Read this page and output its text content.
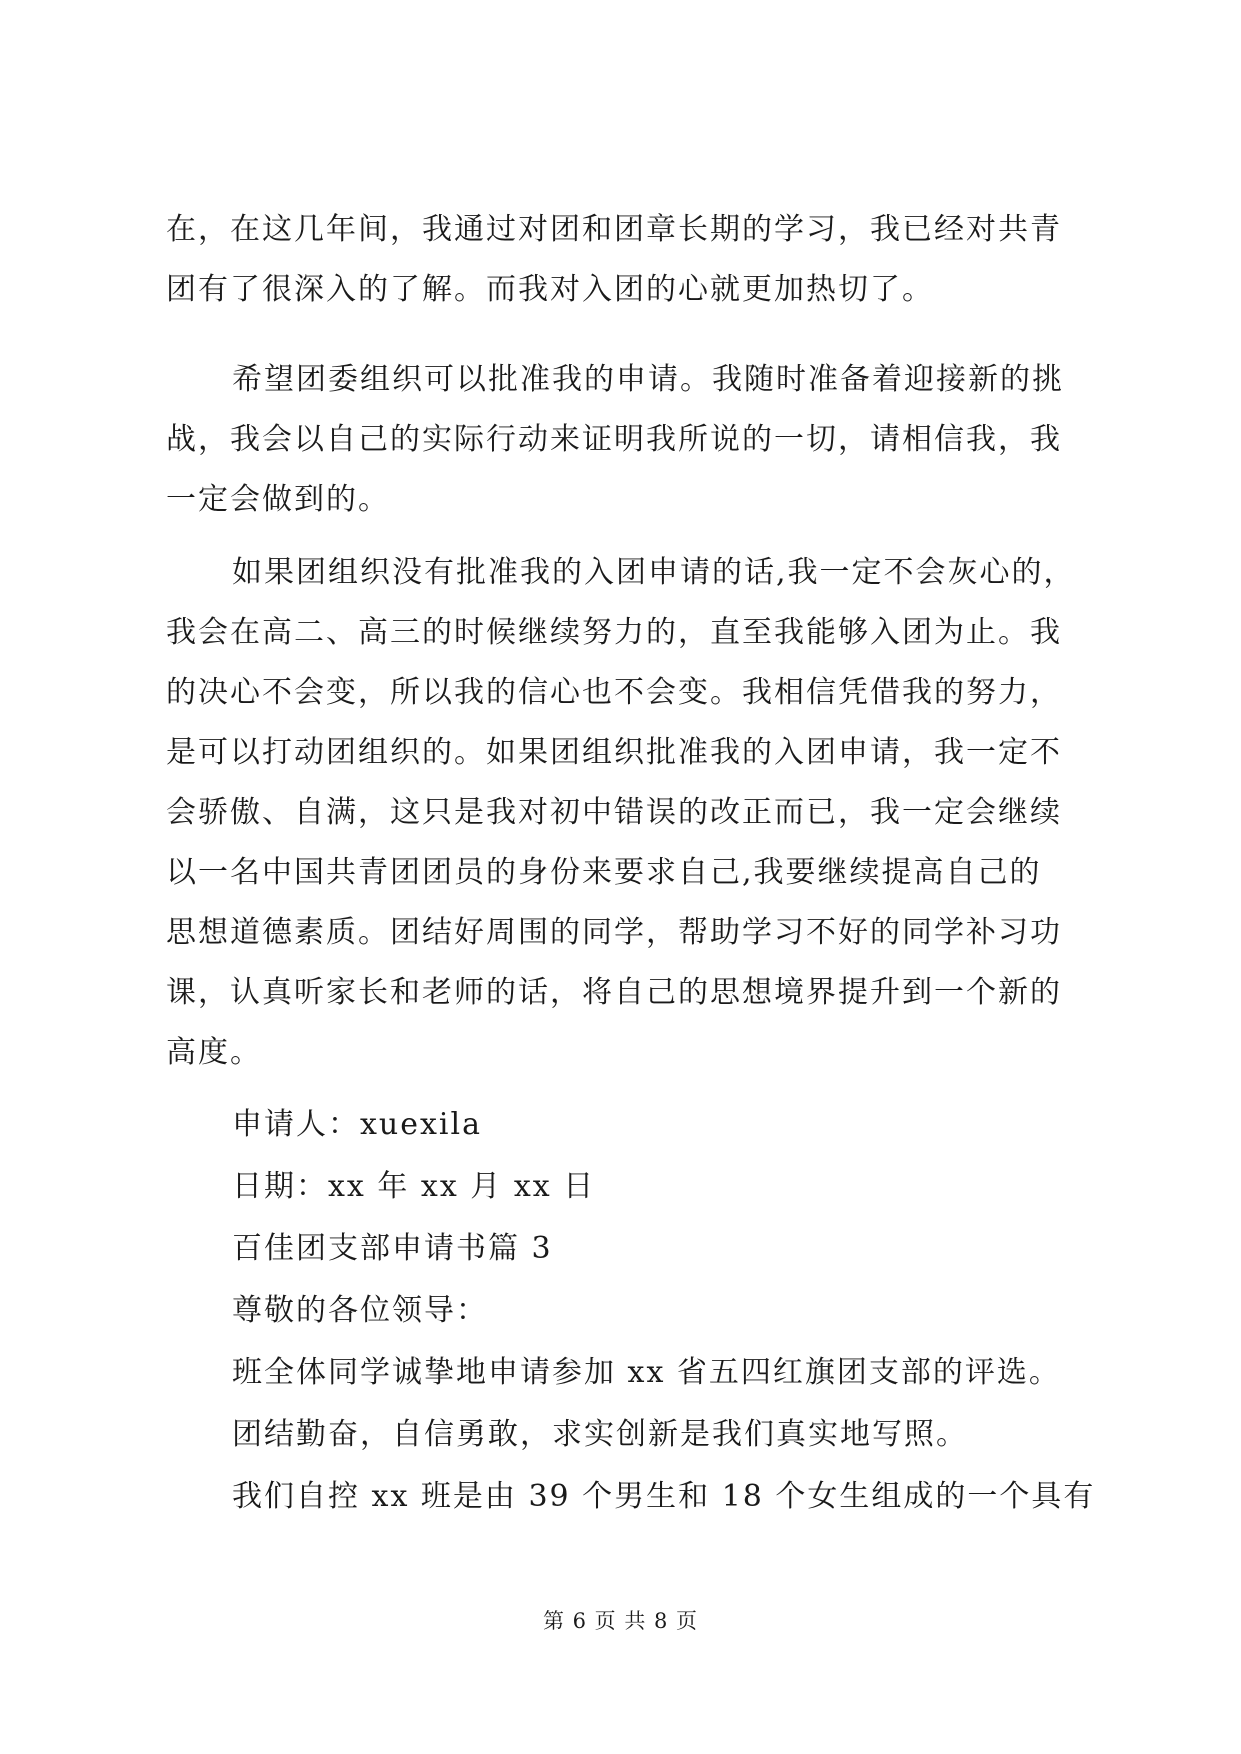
在，在这几年间，我通过对团和团章长期的学习，我已经对共青
团有了很深入的了解。而我对入团的心就更加热切了。
希望团委组织可以批准我的申请。我随时准备着迎接新的挑
战，我会以自己的实际行动来证明我所说的一切，请相信我，我
一定会做到的。
如果团组织没有批准我的入团申请的话,我一定不会灰心的，
我会在高二、高三的时候继续努力的，直至我能够入团为止。我
的决心不会变，所以我的信心也不会变。我相信凭借我的努力，
是可以打动团组织的。如果团组织批准我的入团申请，我一定不
会骄傲、自满，这只是我对初中错误的改正而已，我一定会继续
以一名中国共青团团员的身份来要求自己,我要继续提高自己的
思想道德素质。团结好周围的同学，帮助学习不好的同学补习功
课，认真听家长和老师的话，将自己的思想境界提升到一个新的
高度。
申请人：xuexila
日期：xx 年 xx 月 xx 日
百佳团支部申请书篇 3
尊敬的各位领导：
班全体同学诚挚地申请参加 xx 省五四红旗团支部的评选。
团结勤奋，自信勇敢，求实创新是我们真实地写照。
我们自控 xx 班是由 39 个男生和 18 个女生组成的一个具有
第 6 页 共 8 页
